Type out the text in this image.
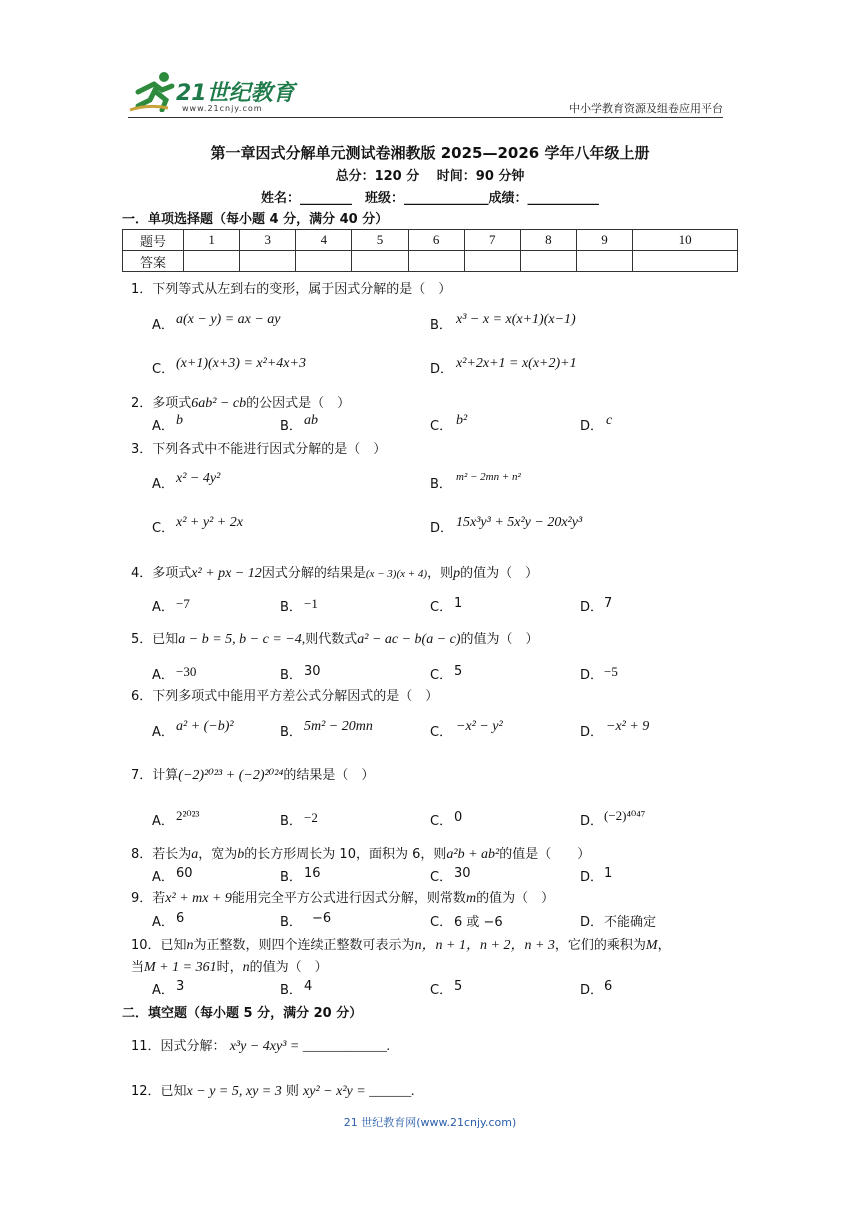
21世纪教育
www.21cnjy.com	中小学教育资源及组卷应用平台
第一章因式分解单元测试卷湘教版 2025—2026 学年八年级上册
总分：120 分　 时间：90 分钟
姓名：________　班级：_____________成绩：___________
一．单项选择题（每小题 4 分，满分 40 分）
题号	1	3	4	5	6	7	8	9	10
答案									
1．下列等式从左到右的变形，属于因式分解的是（　）
A． a(x − y) = ax − ay	B． x³ − x = x(x+1)(x−1)
C． (x+1)(x+3) = x²+4x+3	D． x²+2x+1 = x(x+2)+1
2．多项式6ab² − cb的公因式是（　）
A． b	B． ab	C． b²	D． c
3．下列各式中不能进行因式分解的是（　）
A． x² − 4y²	B． m² − 2mn + n²
C． x² + y² + 2x	D． 15x³y³ + 5x²y − 20x²y³
4．多项式x² + px − 12因式分解的结果是(x − 3)(x + 4)，则p的值为（　）
A． −7	B． −1	C． 1	D． 7
5．已知a − b = 5, b − c = −4,则代数式a² − ac − b(a − c)的值为（　）
A． −30	B． 30	C． 5	D． −5
6．下列多项式中能用平方差公式分解因式的是（　）
A． a² + (−b)²	B． 5m² − 20mn	C． −x² − y²	D． −x² + 9
7．计算(−2)²⁰²³ + (−2)²⁰²⁴的结果是（　）
A． 2²⁰²³	B． −2	C． 0	D． (−2)⁴⁰⁴⁷
8．若长为a，宽为b的长方形周长为 10，面积为 6，则a²b + ab²的值是（　　）
A． 60	B． 16	C． 30	D． 1
9．若x² + mx + 9能用完全平方公式进行因式分解，则常数m的值为（　）
A． 6	B． −6	C． 6 或 −6	D． 不能确定
10．已知n为正整数，则四个连续正整数可表示为n，n + 1，n + 2，n + 3，它们的乘积为M，
当M + 1 = 361时，n的值为（　）
A． 3	B． 4	C． 5	D． 6
二．填空题（每小题 5 分，满分 20 分）
11．因式分解： x³y − 4xy³ = ____________.
12．已知x − y = 5, xy = 3 则 xy² − x²y = ______.
21 世纪教育网(www.21cnjy.com)
